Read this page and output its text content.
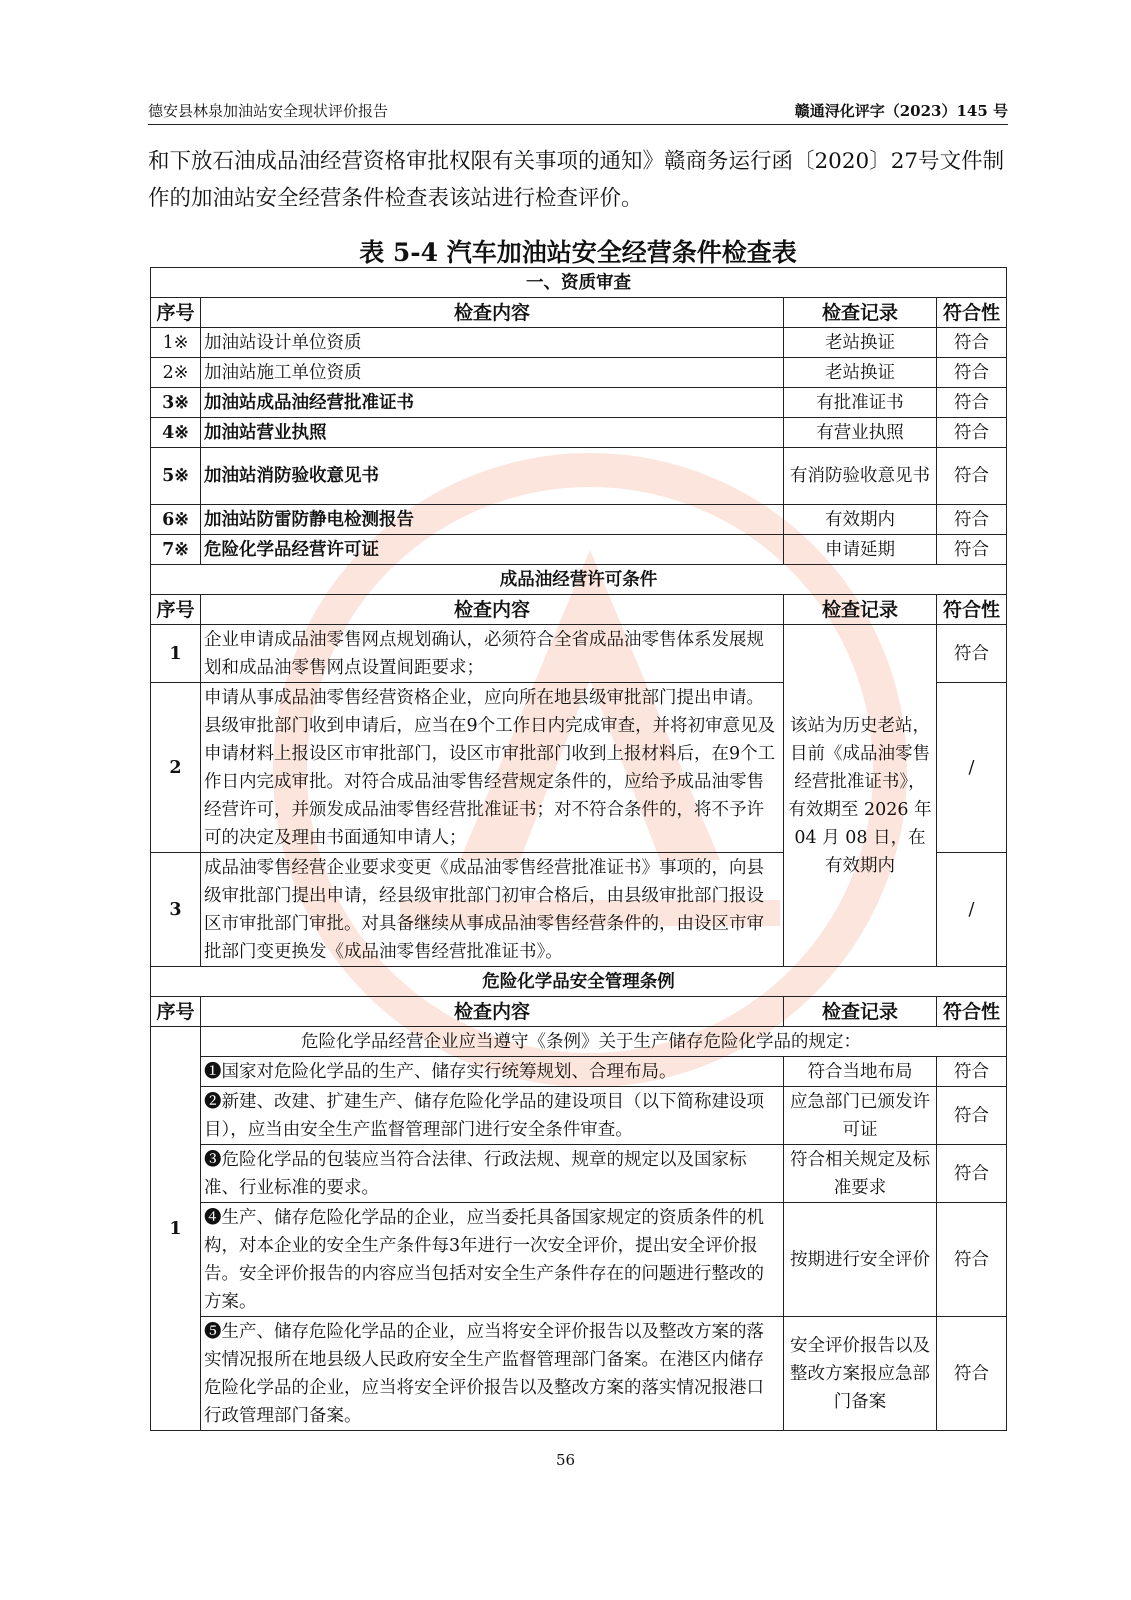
德安县林泉加油站安全现状评价报告	赣通浔化评字（2023）145 号
和下放石油成品油经营资格审批权限有关事项的通知》赣商务运行函〔2020〕27号文件制作的加油站安全经营条件检查表该站进行检查评价。
表 5-4 汽车加油站安全经营条件检查表
一、资质审查			
序号	检查内容	检查记录	符合性
1※	加油站设计单位资质	老站换证	符合
2※	加油站施工单位资质	老站换证	符合
3※	加油站成品油经营批准证书	有批准证书	符合
4※	加油站营业执照	有营业执照	符合
5※	加油站消防验收意见书	有消防验收意见书	符合
6※	加油站防雷防静电检测报告	有效期内	符合
7※	危险化学品经营许可证	申请延期	符合
成品油经营许可条件			
序号	检查内容	检查记录	符合性
1	企业申请成品油零售网点规划确认，必须符合全省成品油零售体系发展规划和成品油零售网点设置间距要求；	该站为历史老站，目前《成品油零售经营批准证书》，有效期至 2026 年04 月 08 日，在有效期内	符合
2	申请从事成品油零售经营资格企业，应向所在地县级审批部门提出申请。县级审批部门收到申请后，应当在9个工作日内完成审查，并将初审意见及申请材料上报设区市审批部门，设区市审批部门收到上报材料后，在9个工作日内完成审批。对符合成品油零售经营规定条件的，应给予成品油零售经营许可，并颁发成品油零售经营批准证书；对不符合条件的，将不予许可的决定及理由书面通知申请人；		/
3	成品油零售经营企业要求变更《成品油零售经营批准证书》事项的，向县级审批部门提出申请，经县级审批部门初审合格后，由县级审批部门报设区市审批部门审批。对具备继续从事成品油零售经营条件的，由设区市审批部门变更换发《成品油零售经营批准证书》。		/
危险化学品安全管理条例			
序号	检查内容	检查记录	符合性
1	危险化学品经营企业应当遵守《条例》关于生产储存危险化学品的规定：		
	❶国家对危险化学品的生产、储存实行统筹规划、合理布局。	符合当地布局	符合
	❷新建、改建、扩建生产、储存危险化学品的建设项目（以下简称建设项目），应当由安全生产监督管理部门进行安全条件审查。	应急部门已颁发许可证	符合
	❸危险化学品的包装应当符合法律、行政法规、规章的规定以及国家标准、行业标准的要求。	符合相关规定及标准要求	符合
	❹生产、储存危险化学品的企业，应当委托具备国家规定的资质条件的机构，对本企业的安全生产条件每3年进行一次安全评价，提出安全评价报告。安全评价报告的内容应当包括对安全生产条件存在的问题进行整改的方案。	按期进行安全评价	符合
	❺生产、储存危险化学品的企业，应当将安全评价报告以及整改方案的落实情况报所在地县级人民政府安全生产监督管理部门备案。在港区内储存危险化学品的企业，应当将安全评价报告以及整改方案的落实情况报港口行政管理部门备案。	安全评价报告以及整改方案报应急部门备案	符合
56
